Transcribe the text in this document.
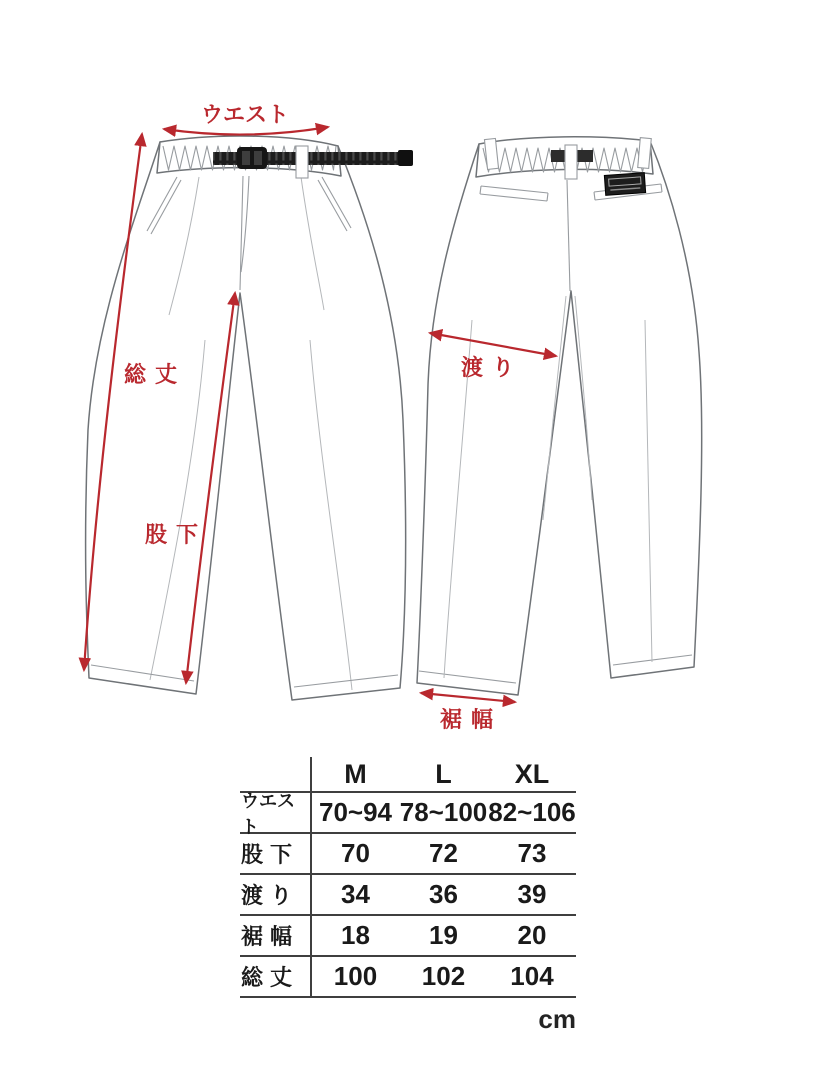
ウエスト
総丈
股下
渡り
裾幅
M	L	XL
ウエスト	70~94 78~100 82~106
股下	70	72	73
渡り	34	36	39
裾幅	18	19	20
総丈	100	102	104
cm
